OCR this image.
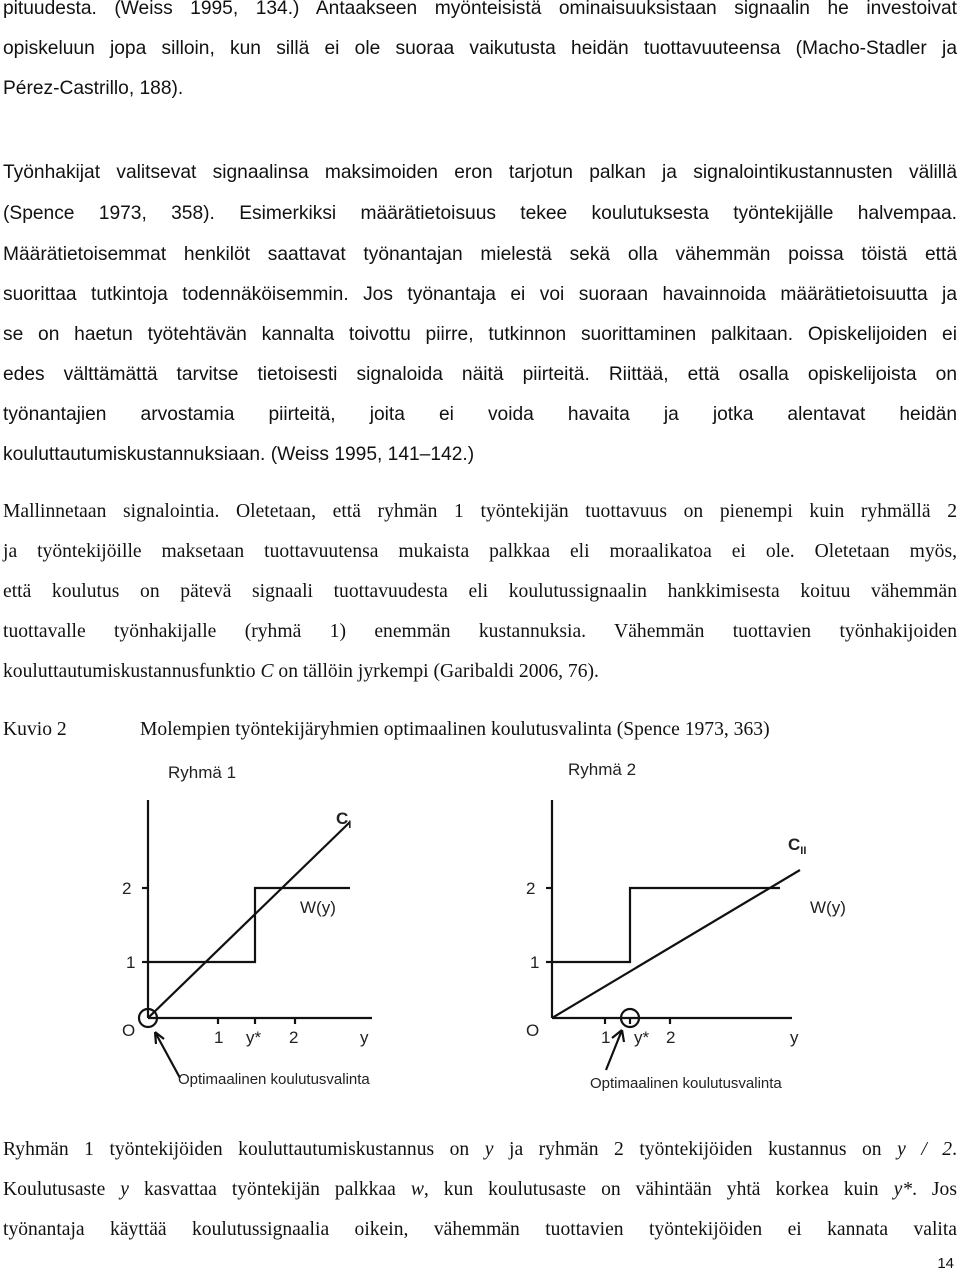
pituudesta. (Weiss 1995, 134.) Antaakseen myönteisistä ominaisuuksistaan signaalin he investoivat
opiskeluun jopa silloin, kun sillä ei ole suoraa vaikutusta heidän tuottavuuteensa (Macho-Stadler ja
Pérez-Castrillo, 188).
Työnhakijat valitsevat signaalinsa maksimoiden eron tarjotun palkan ja signalointikustannusten välillä
(Spence 1973, 358). Esimerkiksi määrätietoisuus tekee koulutuksesta työntekijälle halvempaa.
Määrätietoisemmat henkilöt saattavat työnantajan mielestä sekä olla vähemmän poissa töistä että
suorittaa tutkintoja todennäköisemmin. Jos työnantaja ei voi suoraan havainnoida määrätietoisuutta ja
se on haetun työtehtävän kannalta toivottu piirre, tutkinnon suorittaminen palkitaan. Opiskelijoiden ei
edes välttämättä tarvitse tietoisesti signaloida näitä piirteitä. Riittää, että osalla opiskelijoista on
työnantajien arvostamia piirteitä, joita ei voida havaita ja jotka alentavat heidän
kouluttautumiskustannuksiaan. (Weiss 1995, 141–142.)
Mallinnetaan signalointia. Oletetaan, että ryhmän 1 työntekijän tuottavuus on pienempi kuin ryhmällä 2
ja työntekijöille maksetaan tuottavuutensa mukaista palkkaa eli moraalikatoa ei ole. Oletetaan myös,
että koulutus on pätevä signaali tuottavuudesta eli koulutussignaalin hankkimisesta koituu vähemmän
tuottavalle työnhakijalle (ryhmä 1) enemmän kustannuksia. Vähemmän tuottavien työnhakijoiden
kouluttautumiskustannusfunktio C on tällöin jyrkempi (Garibaldi 2006, 76).
Kuvio 2	Molempien työntekijäryhmien optimaalinen koulutusvalinta (Spence 1973, 363)
Ryhmä 1
$C_I$
W(y)
2
1
O	1 y* 2	y
Optimaalinen koulutusvalinta
Ryhmä 2
$C_{II}$
W(y)
2
1
O	1 y* 2	y
Optimaalinen koulutusvalinta
Ryhmän 1 työntekijöiden kouluttautumiskustannus on y ja ryhmän 2 työntekijöiden kustannus on y / 2.
Koulutusaste y kasvattaa työntekijän palkkaa w, kun koulutusaste on vähintään yhtä korkea kuin y*. Jos
työnantaja käyttää koulutussignaalia oikein, vähemmän tuottavien työntekijöiden ei kannata valita
14
